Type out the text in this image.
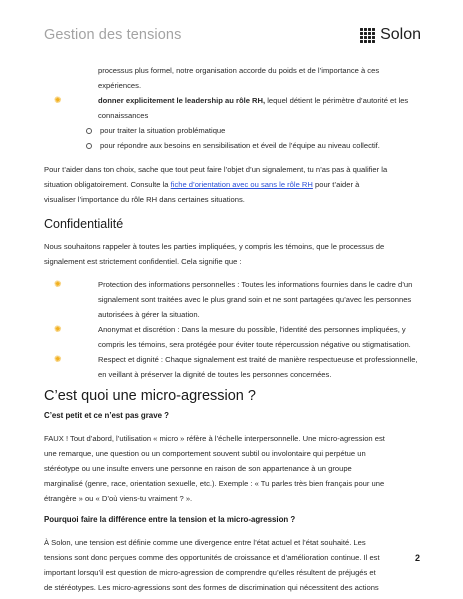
Gestion des tensions	Solon

processus plus formel, notre organisation accorde du poids et de l’importance à ces

expériences.

✺	donner explicitement le leadership au rôle RH, lequel détient le périmètre d’autorité et les

connaissances

pour traiter la situation problématique

pour répondre aux besoins en sensibilisation et éveil de l’équipe au niveau collectif.

Pour t’aider dans ton choix, sache que tout peut faire l’objet d’un signalement, tu n’as pas à qualifier la

situation obligatoirement. Consulte la fiche d’orientation avec ou sans le rôle RH pour t’aider à

visualiser l’importance du rôle RH dans certaines situations.

Confidentialité

Nous souhaitons rappeler à toutes les parties impliquées, y compris les témoins, que le processus de

signalement est strictement confidentiel. Cela signifie que :

✺	Protection des informations personnelles : Toutes les informations fournies dans le cadre d’un

signalement sont traitées avec le plus grand soin et ne sont partagées qu’avec les personnes

autorisées à gérer la situation.

✺	Anonymat et discrétion : Dans la mesure du possible, l’identité des personnes impliquées, y

compris les témoins, sera protégée pour éviter toute répercussion négative ou stigmatisation.

✺	Respect et dignité : Chaque signalement est traité de manière respectueuse et professionnelle,

en veillant à préserver la dignité de toutes les personnes concernées.

C’est quoi une micro-agression ?

C’est petit et ce n’est pas grave ?

FAUX ! Tout d’abord, l’utilisation « micro » réfère à l’échelle interpersonnelle. Une micro-agression est

une remarque, une question ou un comportement souvent subtil ou involontaire qui perpétue un

stéréotype ou une insulte envers une personne en raison de son appartenance à un groupe

marginalisé (genre, race, orientation sexuelle, etc.). Exemple : « Tu parles très bien français pour une

étrangère » ou « D’où viens-tu vraiment ? ».

Pourquoi faire la différence entre la tension et la micro-agression ?

À Solon, une tension est définie comme une divergence entre l’état actuel et l’état souhaité. Les

tensions sont donc perçues comme des opportunités de croissance et d’amélioration continue. Il est

important lorsqu’il est question de micro-agression de comprendre qu’elles résultent de préjugés et

de stéréotypes. Les micro-agressions sont des formes de discrimination qui nécessitent des actions

2
